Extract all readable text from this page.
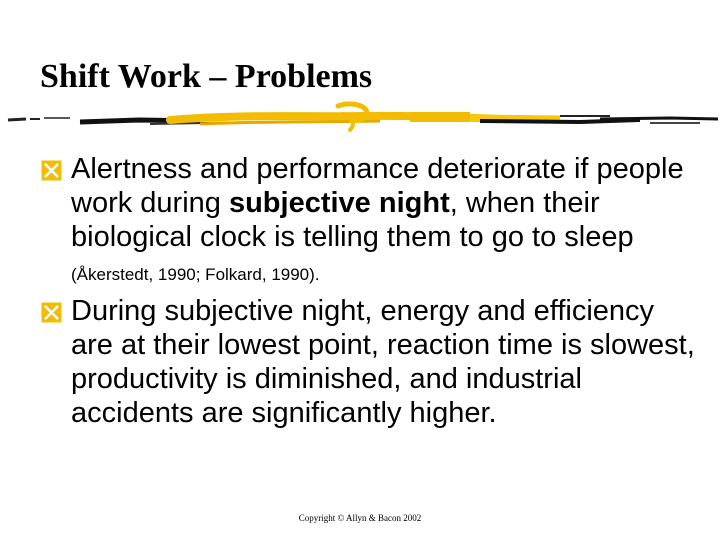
Shift Work – Problems
Alertness and performance deteriorate if people work during subjective night, when their biological clock is telling them to go to sleep (Åkerstedt, 1990; Folkard, 1990).
During subjective night, energy and efficiency are at their lowest point, reaction time is slowest, productivity is diminished, and industrial accidents are significantly higher.
Copyright © Allyn & Bacon 2002
